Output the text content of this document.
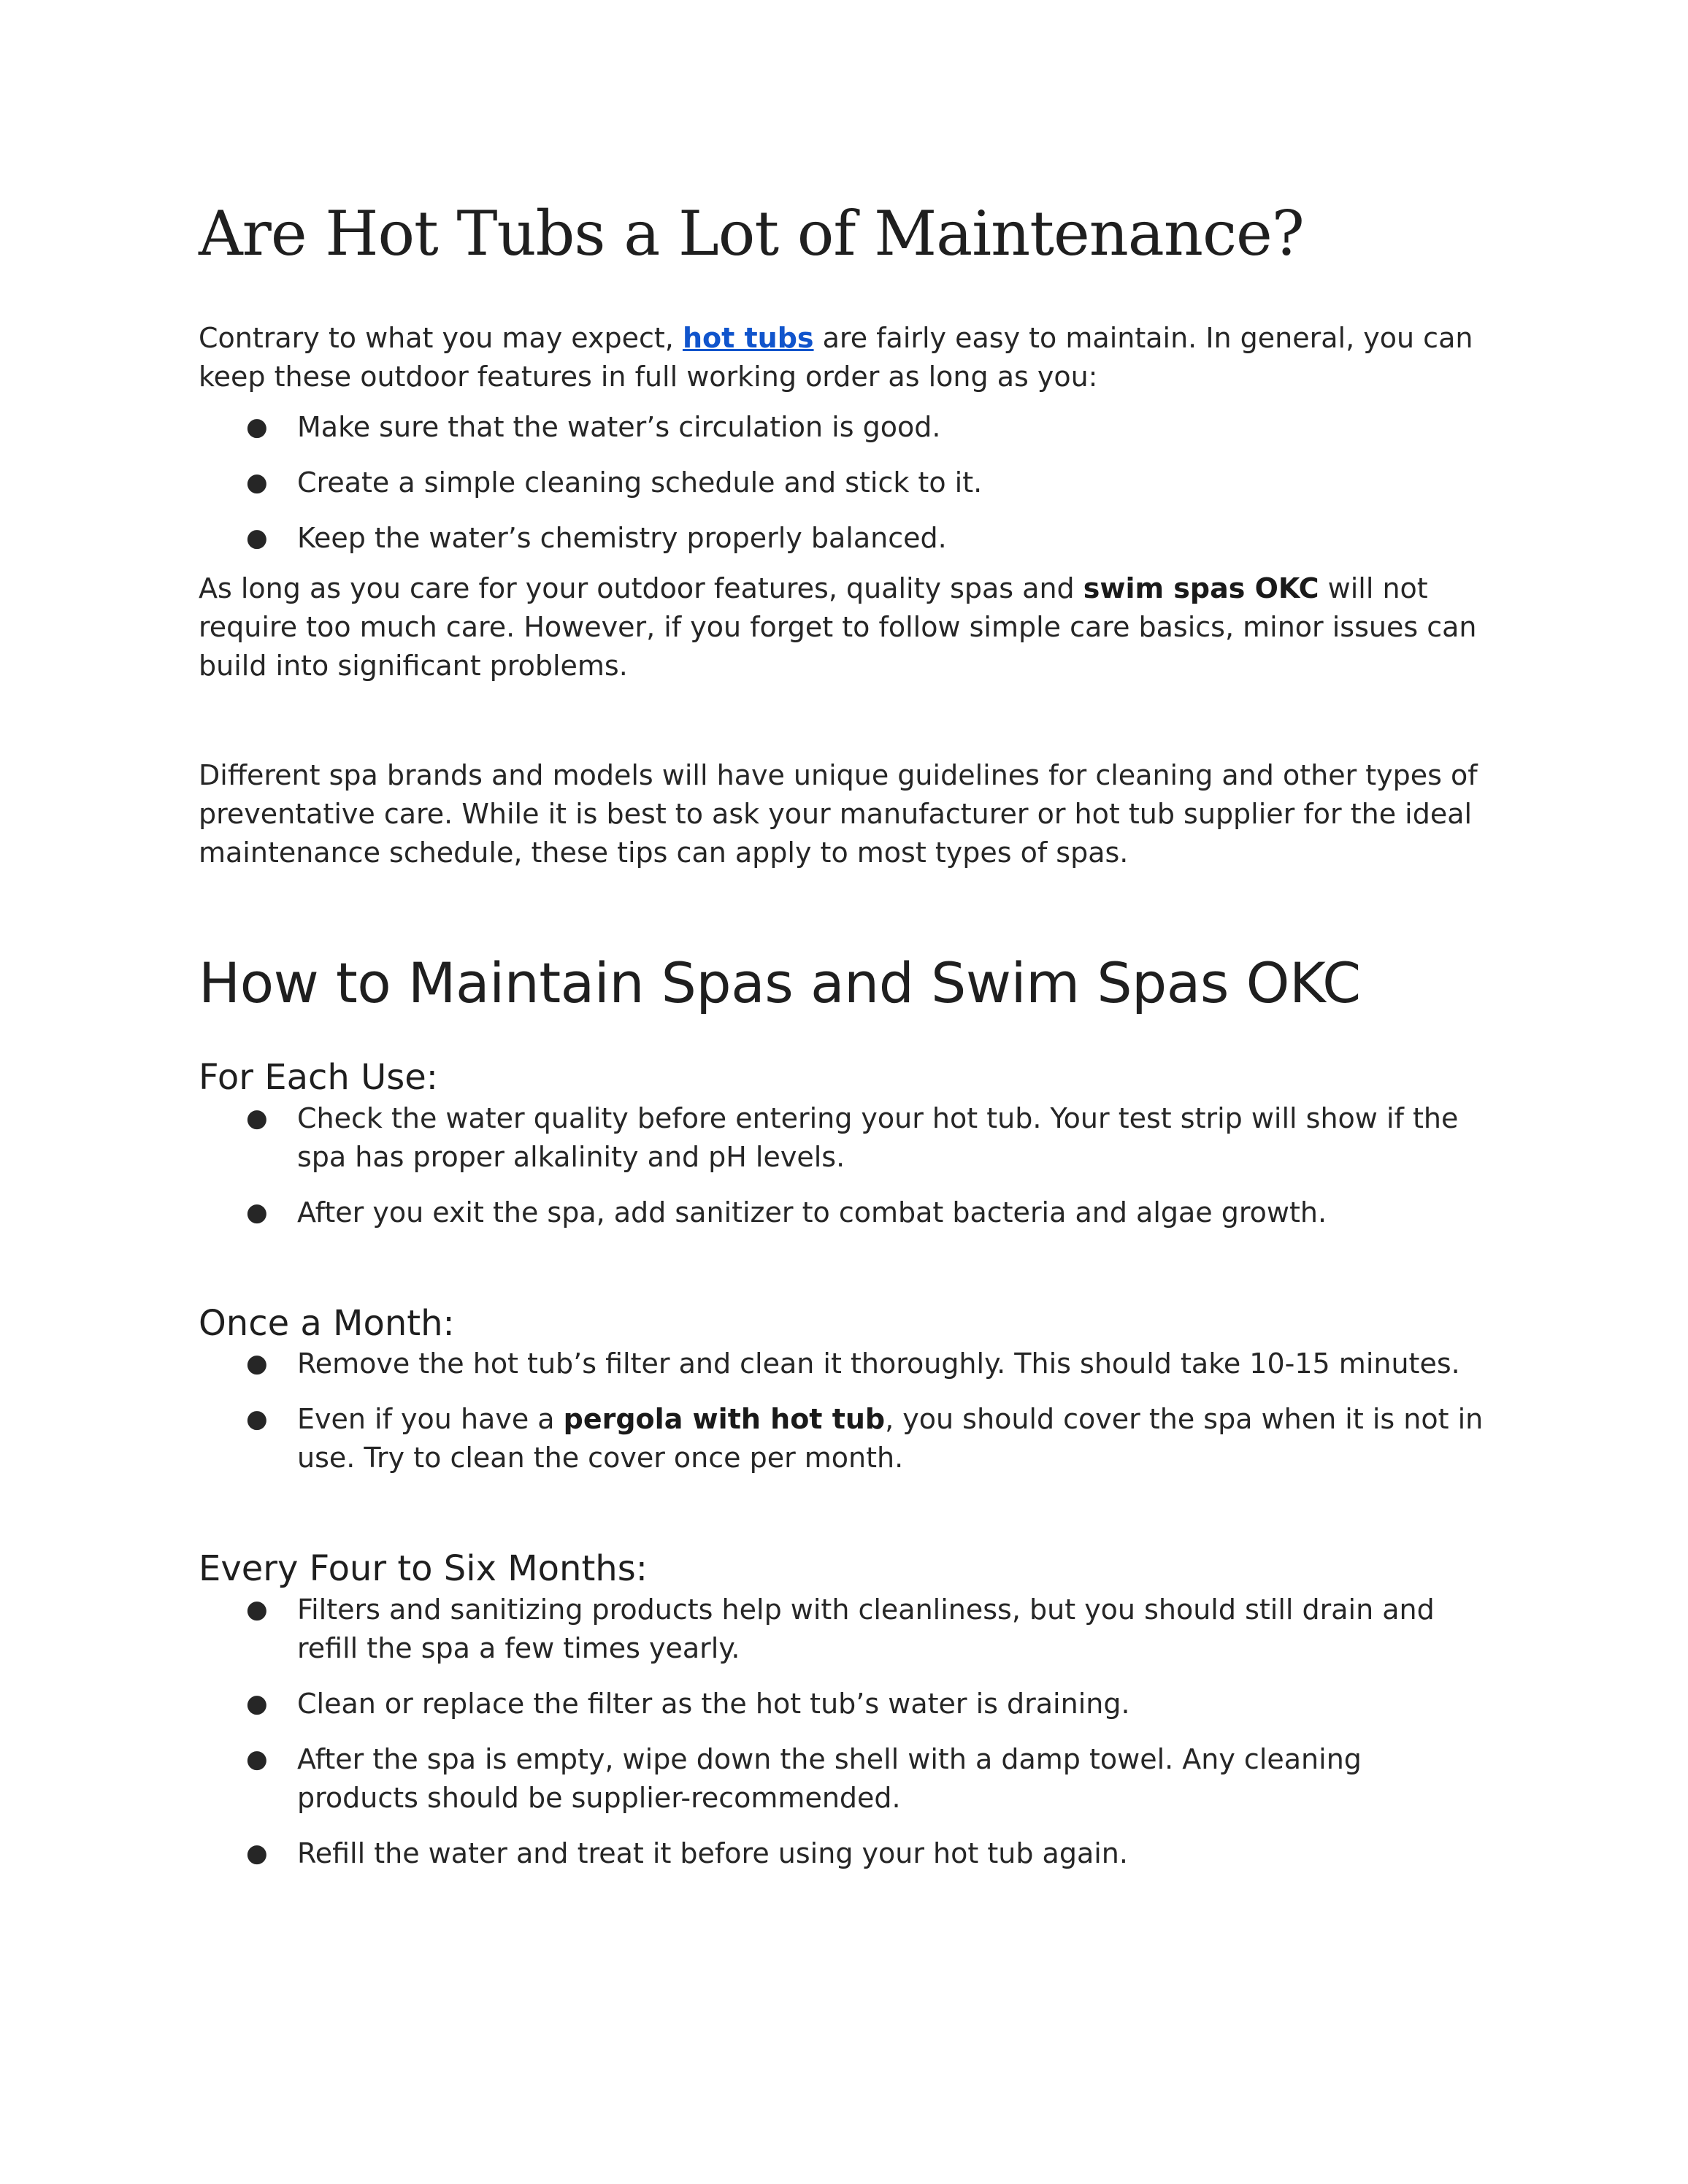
Are Hot Tubs a Lot of Maintenance?

Contrary to what you may expect, hot tubs are fairly easy to maintain. In general, you can keep these outdoor features in full working order as long as you:

● Make sure that the water’s circulation is good.
● Create a simple cleaning schedule and stick to it.
● Keep the water’s chemistry properly balanced.

As long as you care for your outdoor features, quality spas and swim spas OKC will not require too much care. However, if you forget to follow simple care basics, minor issues can build into significant problems.

Different spa brands and models will have unique guidelines for cleaning and other types of preventative care. While it is best to ask your manufacturer or hot tub supplier for the ideal maintenance schedule, these tips can apply to most types of spas.

How to Maintain Spas and Swim Spas OKC
For Each Use:
● Check the water quality before entering your hot tub. Your test strip will show if the spa has proper alkalinity and pH levels.
● After you exit the spa, add sanitizer to combat bacteria and algae growth.
Once a Month:
● Remove the hot tub’s filter and clean it thoroughly. This should take 10-15 minutes.
● Even if you have a pergola with hot tub, you should cover the spa when it is not in use. Try to clean the cover once per month.
Every Four to Six Months:
● Filters and sanitizing products help with cleanliness, but you should still drain and refill the spa a few times yearly.
● Clean or replace the filter as the hot tub’s water is draining.
● After the spa is empty, wipe down the shell with a damp towel. Any cleaning products should be supplier-recommended.
● Refill the water and treat it before using your hot tub again.
